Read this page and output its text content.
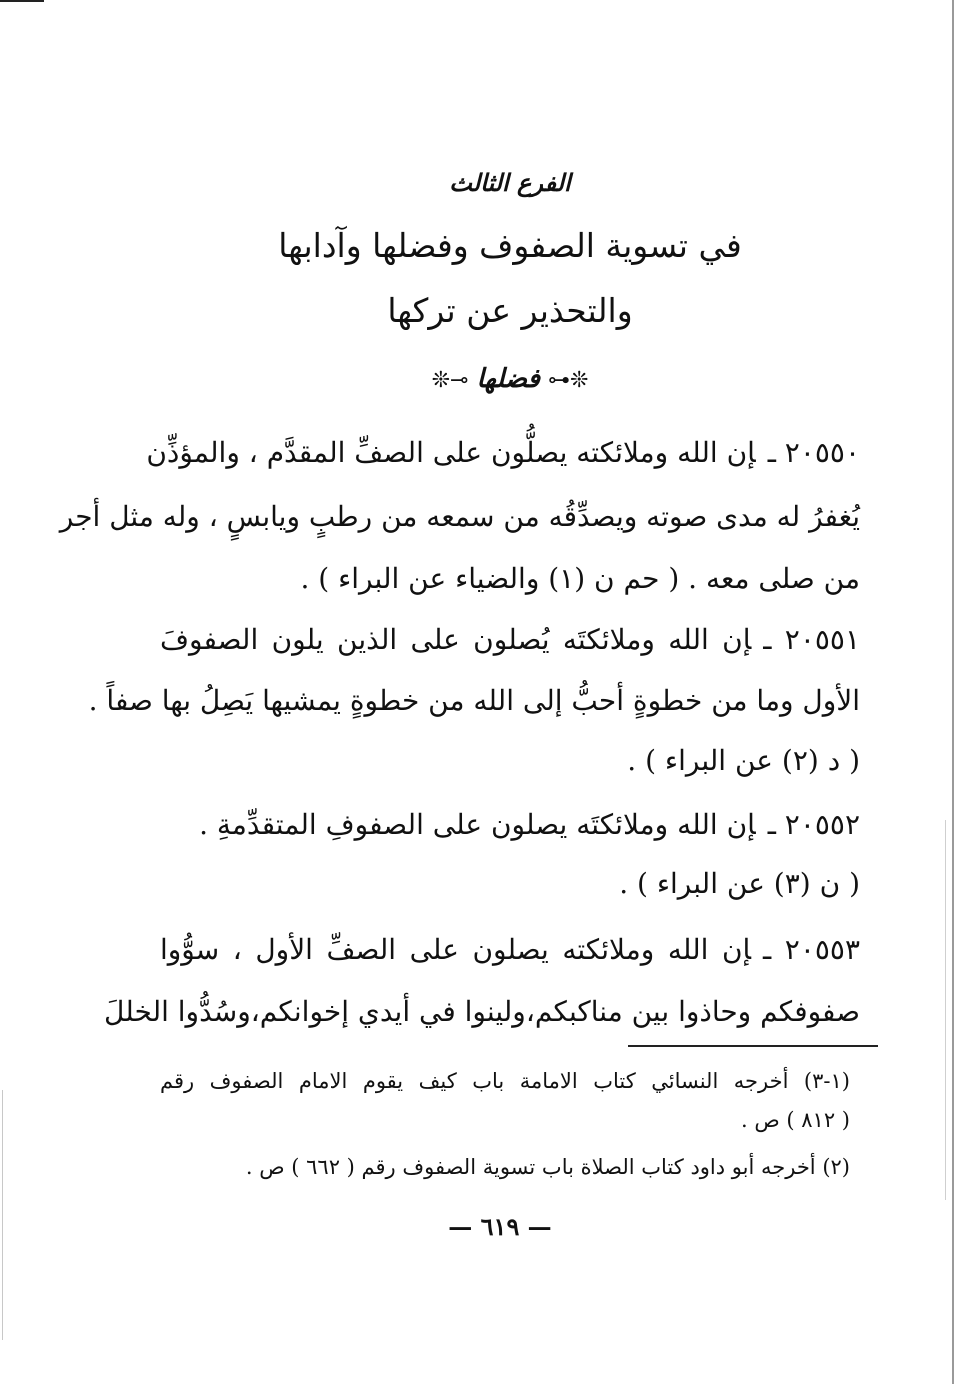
الفرع الثالث
في تسوية الصفوف وفضلها وآدابها
والتحذير عن تركها
❊⊷فضلها⊸❊
٢٠٥٥٠ ـإن الله وملائكته يصلُّون على الصفِّ المقدَّم ، والمؤذِّن
يُغفرُ له مدى صوته ويصدِّقُه من سمعه من رطبٍ ويابسٍ ، وله مثل أجر
من صلى معه . ( حم ن (١) والضياء عن البراء ) .
٢٠٥٥١ ـإن الله وملائكتَه يُصلون على الذين يلون الصفوفَ
الأول وما من خطوةٍ أحبُّ إلى الله من خطوةٍ يمشيها يَصِلُ بها صفاً .
( د (٢) عن البراء ) .
٢٠٥٥٢ ـإن الله وملائكتَه يصلون على الصفوفِ المتقدِّمةِ .
( ن (٣) عن البراء ) .
٢٠٥٥٣ ـإن الله وملائكته يصلون على الصفِّ الأول ، سوُّوا
صفوفكم وحاذوا بين مناكبكم،ولينوا في أيدي إخوانكم،وسُدُّوا الخللَ
(١-٣) أخرجه النسائي كتاب الامامة باب كيف يقوم الامام الصفوف رقم
( ٨١٢ ) ص .
(٢) أخرجه أبو داود كتاب الصلاة باب تسوية الصفوف رقم ( ٦٦٢ ) ص .
— ٦١٩ —
